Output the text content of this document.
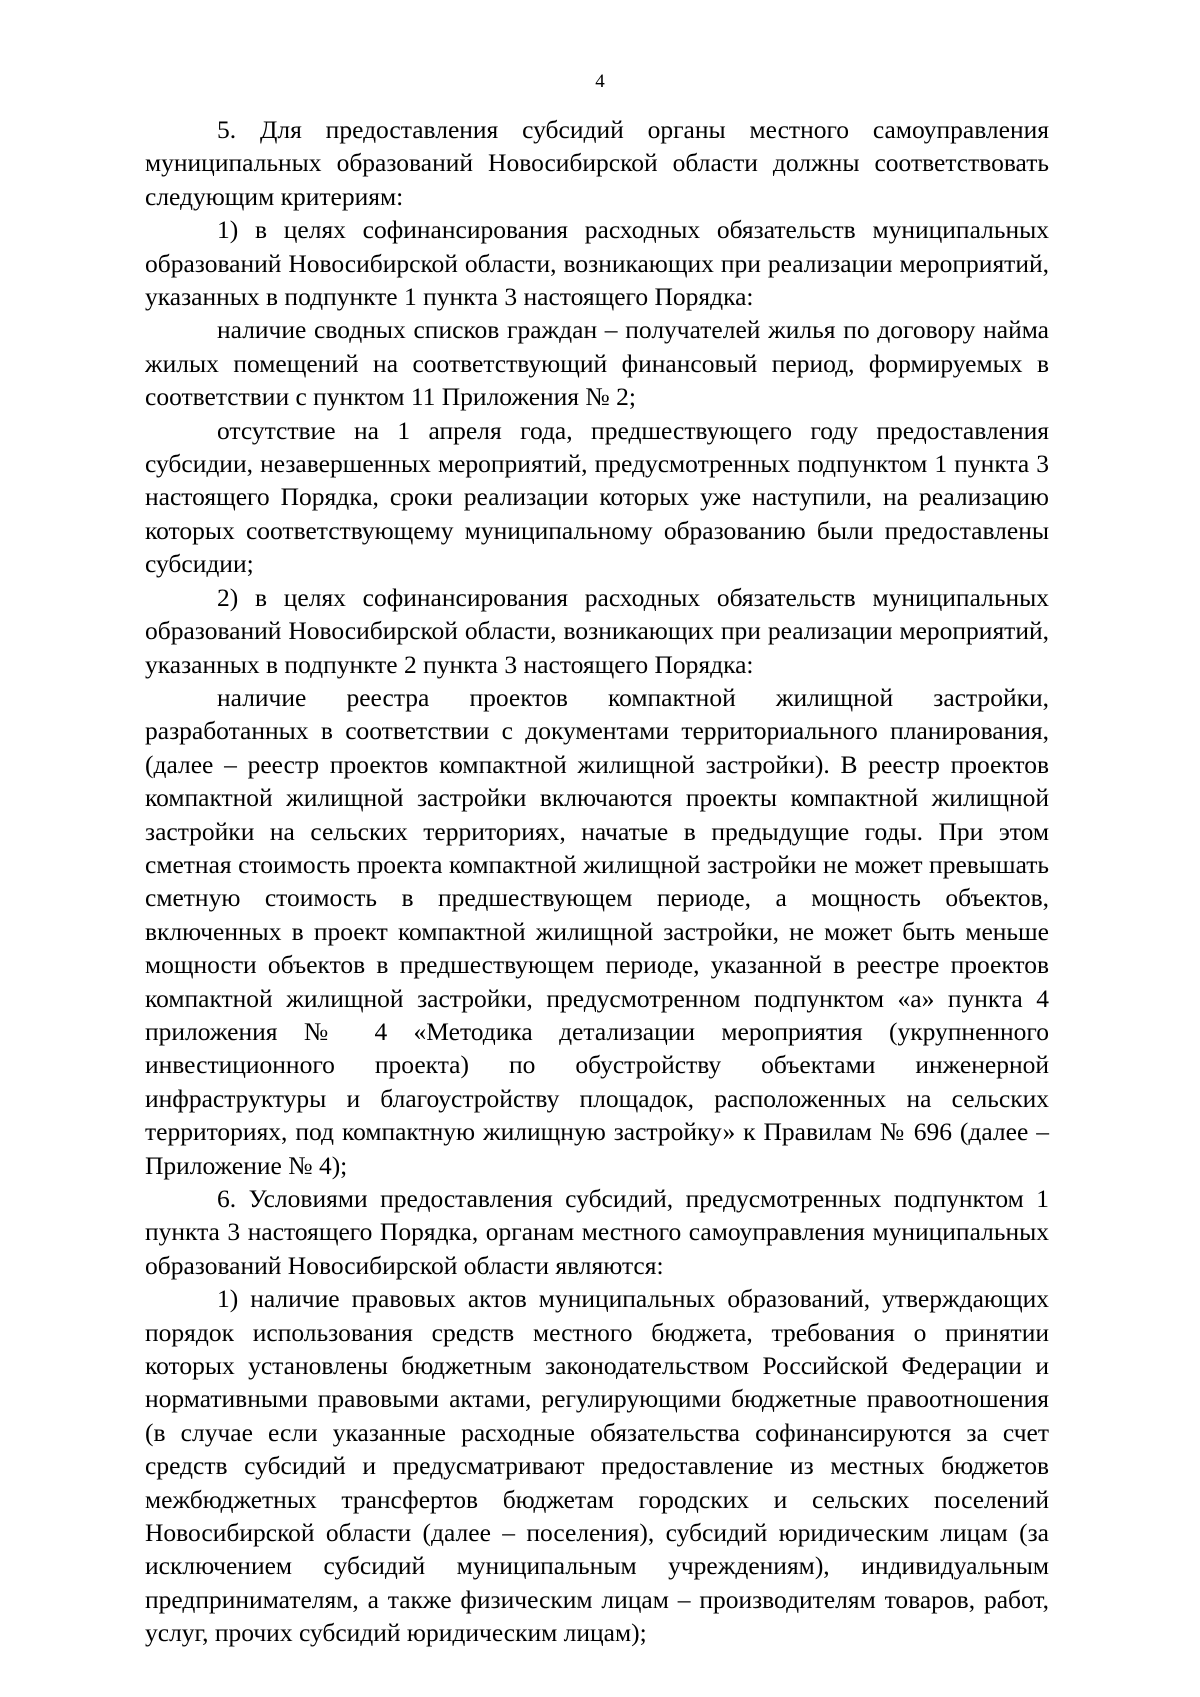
4

5. Для предоставления субсидий органы местного самоуправления муниципальных образований Новосибирской области должны соответствовать следующим критериям:

1) в целях софинансирования расходных обязательств муниципальных образований Новосибирской области, возникающих при реализации мероприятий, указанных в подпункте 1 пункта 3 настоящего Порядка:

наличие сводных списков граждан – получателей жилья по договору найма жилых помещений на соответствующий финансовый период, формируемых в соответствии с пунктом 11 Приложения № 2;

отсутствие на 1 апреля года, предшествующего году предоставления субсидии, незавершенных мероприятий, предусмотренных подпунктом 1 пункта 3 настоящего Порядка, сроки реализации которых уже наступили, на реализацию которых соответствующему муниципальному образованию были предоставлены субсидии;

2) в целях софинансирования расходных обязательств муниципальных образований Новосибирской области, возникающих при реализации мероприятий, указанных в подпункте 2 пункта 3 настоящего Порядка:

наличие реестра проектов компактной жилищной застройки, разработанных в соответствии с документами территориального планирования, (далее – реестр проектов компактной жилищной застройки). В реестр проектов компактной жилищной застройки включаются проекты компактной жилищной застройки на сельских территориях, начатые в предыдущие годы. При этом сметная стоимость проекта компактной жилищной застройки не может превышать сметную стоимость в предшествующем периоде, а мощность объектов, включенных в проект компактной жилищной застройки, не может быть меньше мощности объектов в предшествующем периоде, указанной в реестре проектов компактной жилищной застройки, предусмотренном подпунктом «а» пункта 4 приложения № 4 «Методика детализации мероприятия (укрупненного инвестиционного проекта) по обустройству объектами инженерной инфраструктуры и благоустройству площадок, расположенных на сельских территориях, под компактную жилищную застройку» к Правилам № 696 (далее – Приложение № 4);

6. Условиями предоставления субсидий, предусмотренных подпунктом 1 пункта 3 настоящего Порядка, органам местного самоуправления муниципальных образований Новосибирской области являются:

1) наличие правовых актов муниципальных образований, утверждающих порядок использования средств местного бюджета, требования о принятии которых установлены бюджетным законодательством Российской Федерации и нормативными правовыми актами, регулирующими бюджетные правоотношения (в случае если указанные расходные обязательства софинансируются за счет средств субсидий и предусматривают предоставление из местных бюджетов межбюджетных трансфертов бюджетам городских и сельских поселений Новосибирской области (далее – поселения), субсидий юридическим лицам (за исключением субсидий муниципальным учреждениям), индивидуальным предпринимателям, а также физическим лицам – производителям товаров, работ, услуг, прочих субсидий юридическим лицам);
